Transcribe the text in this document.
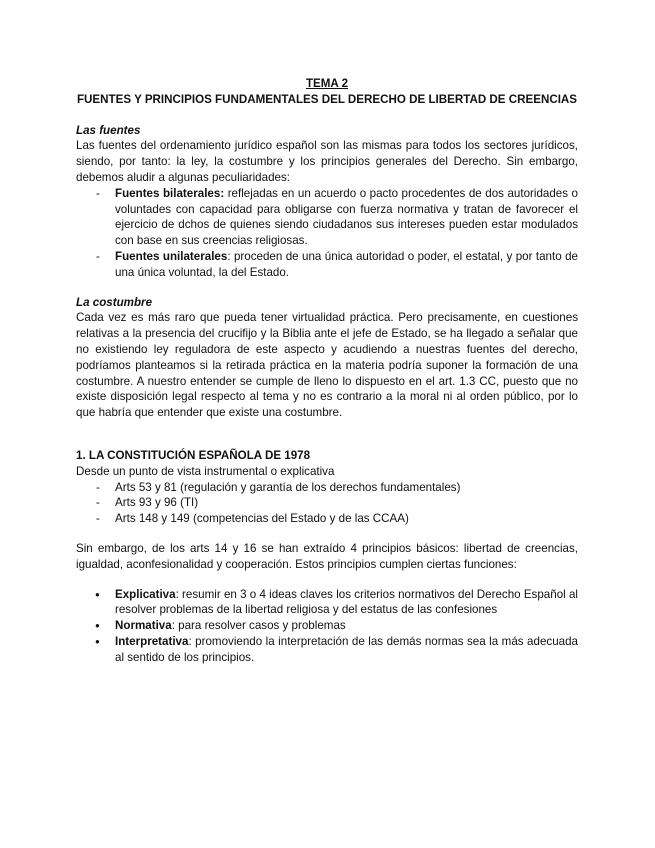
TEMA 2

FUENTES Y PRINCIPIOS FUNDAMENTALES DEL DERECHO DE LIBERTAD DE CREENCIAS

Las fuentes

Las fuentes del ordenamiento jurídico español son las mismas para todos los sectores jurídicos, siendo, por tanto: la ley, la costumbre y los principios generales del Derecho. Sin embargo, debemos aludir a algunas peculiaridades:

- Fuentes bilaterales: reflejadas en un acuerdo o pacto procedentes de dos autoridades o voluntades con capacidad para obligarse con fuerza normativa y tratan de favorecer el ejercicio de dchos de quienes siendo ciudadanos sus intereses pueden estar modulados con base en sus creencias religiosas.
- Fuentes unilaterales: proceden de una única autoridad o poder, el estatal, y por tanto de una única voluntad, la del Estado.

La costumbre

Cada vez es más raro que pueda tener virtualidad práctica. Pero precisamente, en cuestiones relativas a la presencia del crucifijo y la Biblia ante el jefe de Estado, se ha llegado a señalar que no existiendo ley reguladora de este aspecto y acudiendo a nuestras fuentes del derecho, podríamos planteamos si la retirada práctica en la materia podría suponer la formación de una costumbre. A nuestro entender se cumple de lleno lo dispuesto en el art. 1.3 CC, puesto que no existe disposición legal respecto al tema y no es contrario a la moral ni al orden público, por lo que habría que entender que existe una costumbre.

1. LA CONSTITUCIÓN ESPAÑOLA DE 1978

Desde un punto de vista instrumental o explicativa

- Arts 53 y 81 (regulación y garantía de los derechos fundamentales)
- Arts 93 y 96 (TI)
- Arts 148 y 149 (competencias del Estado y de las CCAA)

Sin embargo, de los arts 14 y 16 se han extraído 4 principios básicos: libertad de creencias, igualdad, aconfesionalidad y cooperación. Estos principios cumplen ciertas funciones:

● Explicativa: resumir en 3 o 4 ideas claves los criterios normativos del Derecho Español al resolver problemas de la libertad religiosa y del estatus de las confesiones
● Normativa: para resolver casos y problemas
● Interpretativa: promoviendo la interpretación de las demás normas sea la más adecuada al sentido de los principios.
